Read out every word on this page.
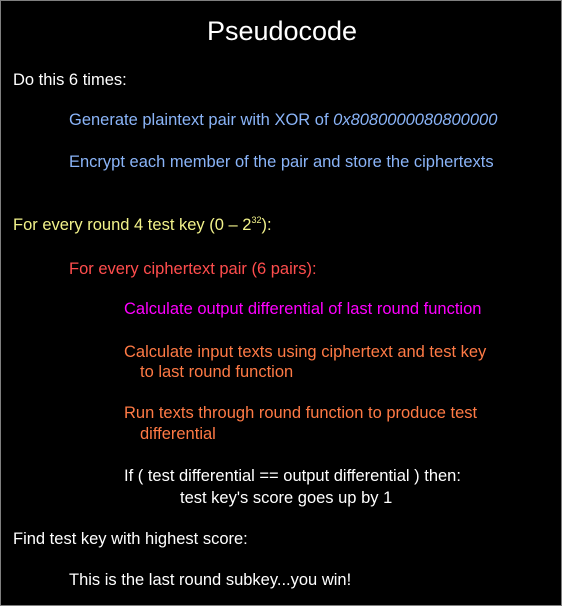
Pseudocode
Do this 6 times:
Generate plaintext pair with XOR of 0x8080000080800000
Encrypt each member of the pair and store the ciphertexts
For every round 4 test key $(0 - 2^{32})$:
For every ciphertext pair (6 pairs):
Calculate output differential of last round function
Calculate input texts using ciphertext and test key
to last round function
Run texts through round function to produce test
differential
If ( test differential == output differential ) then:
test key's score goes up by 1
Find test key with highest score:
This is the last round subkey...you win!
